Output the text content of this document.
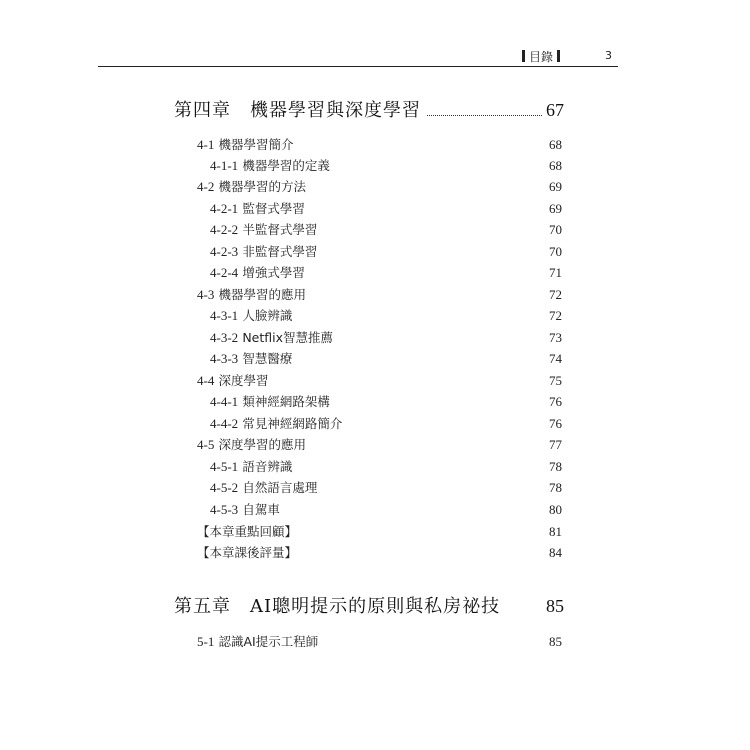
目錄	3
第四章　機器學習與深度學習	67
4-1 機器學習簡介	68
4-1-1 機器學習的定義	68
4-2 機器學習的方法	69
4-2-1 監督式學習	69
4-2-2 半監督式學習	70
4-2-3 非監督式學習	70
4-2-4 增強式學習	71
4-3 機器學習的應用	72
4-3-1 人臉辨識	72
4-3-2 Netflix智慧推薦	73
4-3-3 智慧醫療	74
4-4 深度學習	75
4-4-1 類神經網路架構	76
4-4-2 常見神經網路簡介	76
4-5 深度學習的應用	77
4-5-1 語音辨識	78
4-5-2 自然語言處理	78
4-5-3 自駕車	80
【本章重點回顧】	81
【本章課後評量】	84
第五章　AI聰明提示的原則與私房祕技	85
5-1 認識AI提示工程師	85
